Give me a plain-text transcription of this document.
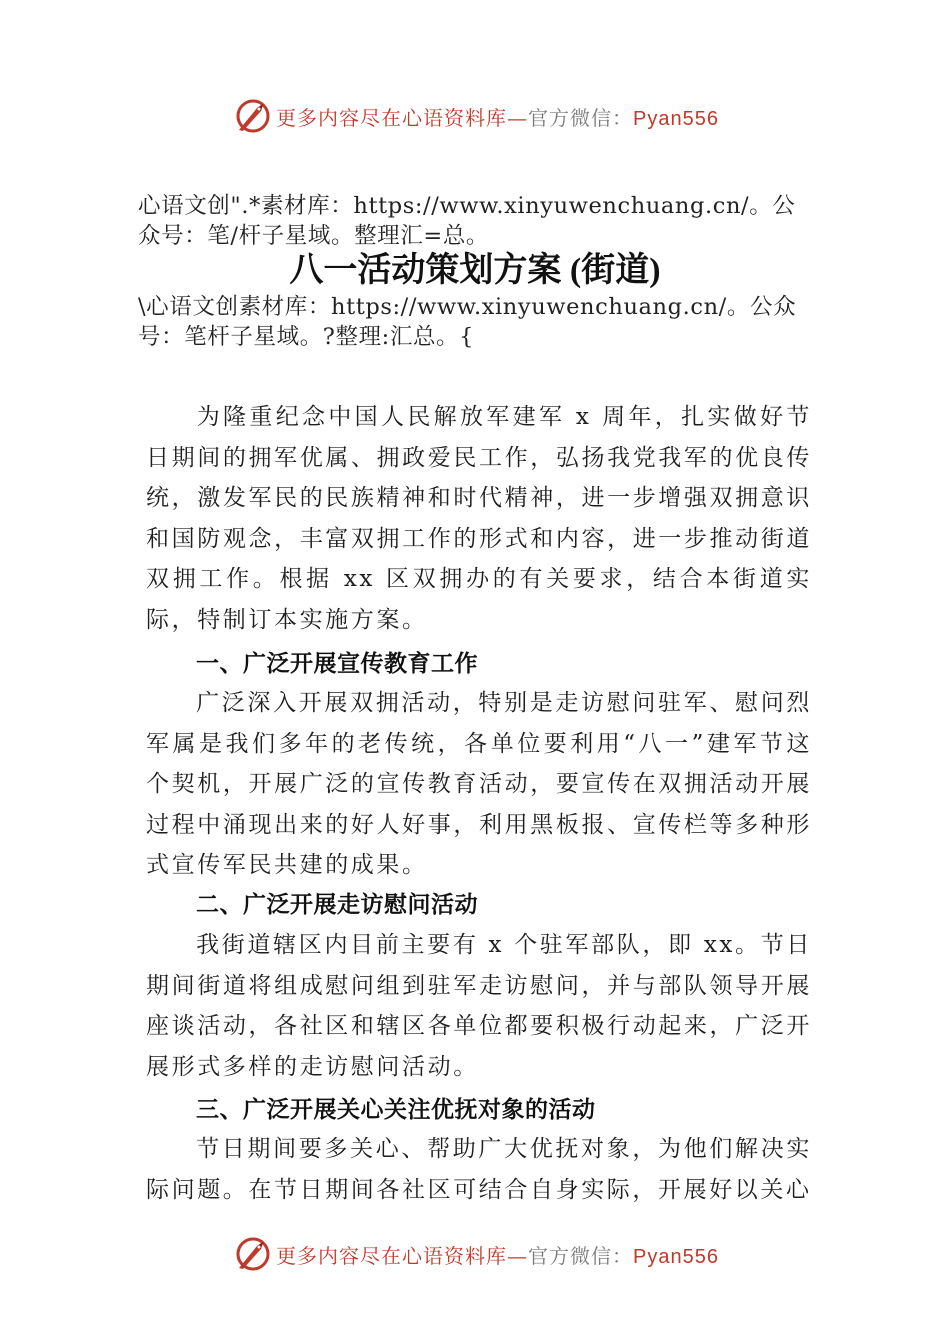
更多内容尽在心语资料库—官方微信：Pyan556
心语文创".*素材库：https://www.xinyuwenchuang.cn/。公
众号：笔/杆子星域。整理汇=总。
八一活动策划方案 (街道)
\心语文创素材库：https://www.xinyuwenchuang.cn/。公众
号：笔杆子星域。?整理:汇总。{
为隆重纪念中国人民解放军建军 x 周年，扎实做好节日期间的拥军优属、拥政爱民工作，弘扬我党我军的优良传统，激发军民的民族精神和时代精神，进一步增强双拥意识和国防观念，丰富双拥工作的形式和内容，进一步推动街道双拥工作。根据 xx 区双拥办的有关要求，结合本街道实际，特制订本实施方案。
一、广泛开展宣传教育工作
广泛深入开展双拥活动，特别是走访慰问驻军、慰问烈军属是我们多年的老传统，各单位要利用“八一”建军节这个契机，开展广泛的宣传教育活动，要宣传在双拥活动开展过程中涌现出来的好人好事，利用黑板报、宣传栏等多种形式宣传军民共建的成果。
二、广泛开展走访慰问活动
我街道辖区内目前主要有 x 个驻军部队，即 xx。节日期间街道将组成慰问组到驻军走访慰问，并与部队领导开展座谈活动，各社区和辖区各单位都要积极行动起来，广泛开展形式多样的走访慰问活动。
三、广泛开展关心关注优抚对象的活动
节日期间要多关心、帮助广大优抚对象，为他们解决实际问题。在节日期间各社区可结合自身实际，开展好以关心
更多内容尽在心语资料库—官方微信：Pyan556
